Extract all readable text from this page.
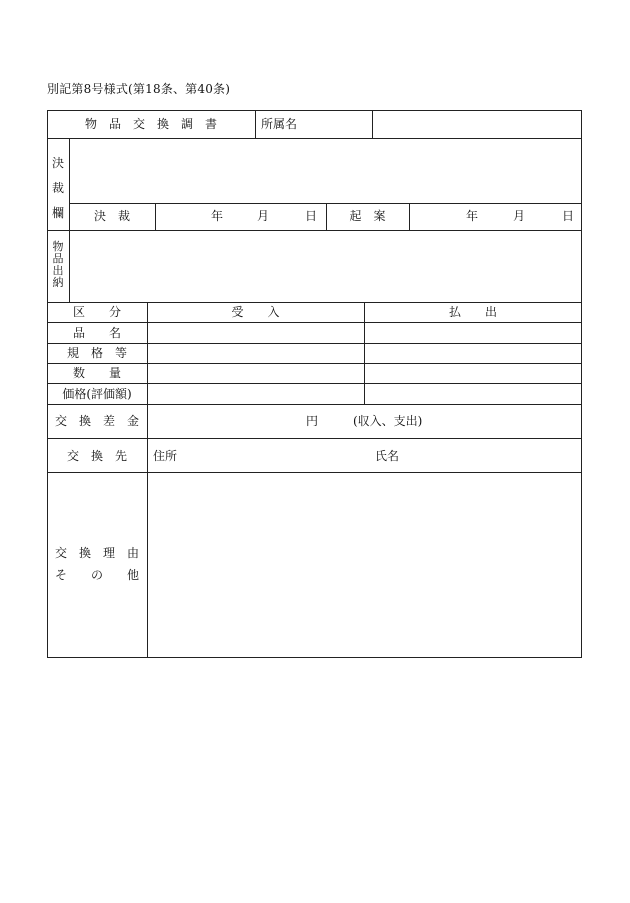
別記第8号様式(第18条、第40条)
物　品　交　換　調　書	所属名
決裁欄	決　裁	年	月	日	起　案	年	月	日
物品出納
区　　分	受　　入	払　　出
品　　名
規　格　等
数　　量
価格(評価額)
交　換　差　金	円	(収入、支出)
交　換　先	住所	氏名
交　換　理　由
そ　　の　　他
